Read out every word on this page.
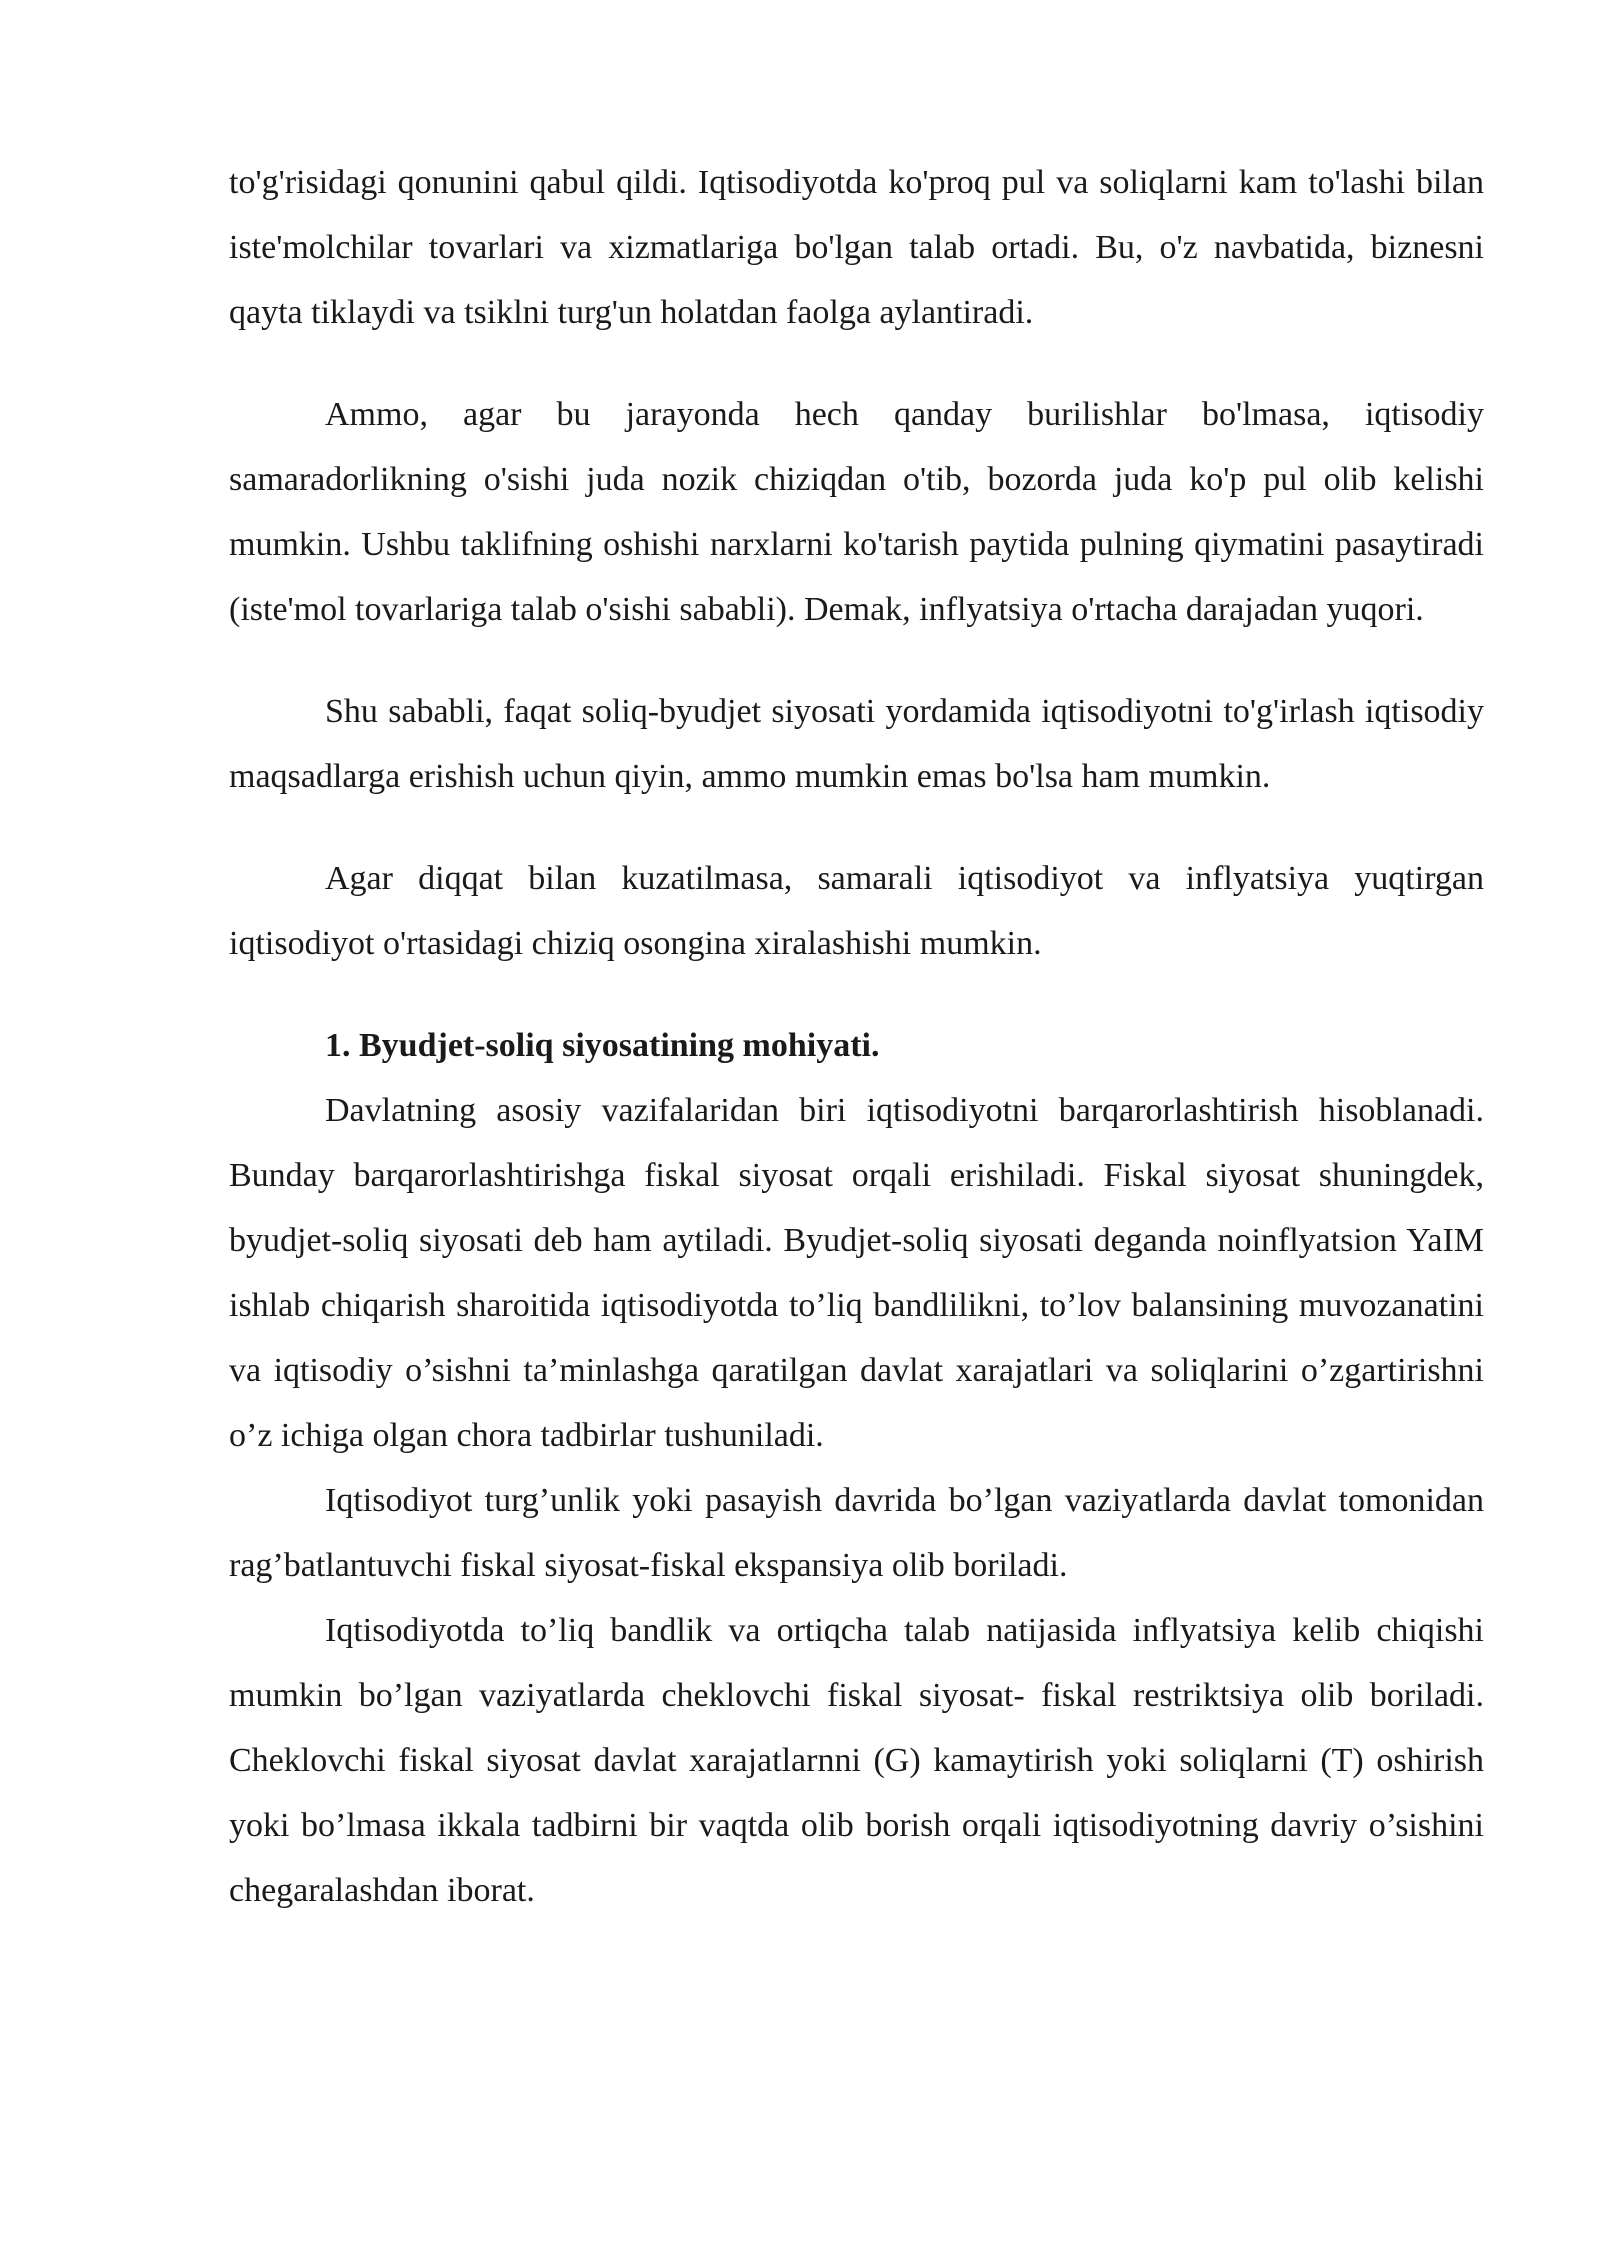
to'g'risidagi qonunini qabul qildi. Iqtisodiyotda ko'proq pul va soliqlarni kam to'lashi bilan iste'molchilar tovarlari va xizmatlariga bo'lgan talab ortadi. Bu, o'z navbatida, biznesni qayta tiklaydi va tsiklni turg'un holatdan faolga aylantiradi.

Ammo, agar bu jarayonda hech qanday burilishlar bo'lmasa, iqtisodiy samaradorlikning o'sishi juda nozik chiziqdan o'tib, bozorda juda ko'p pul olib kelishi mumkin. Ushbu taklifning oshishi narxlarni ko'tarish paytida pulning qiymatini pasaytiradi (iste'mol tovarlariga talab o'sishi sababli). Demak, inflyatsiya o'rtacha darajadan yuqori.

Shu sababli, faqat soliq-byudjet siyosati yordamida iqtisodiyotni to'g'irlash iqtisodiy maqsadlarga erishish uchun qiyin, ammo mumkin emas bo'lsa ham mumkin.

Agar diqqat bilan kuzatilmasa, samarali iqtisodiyot va inflyatsiya yuqtirgan iqtisodiyot o'rtasidagi chiziq osongina xiralashishi mumkin.

1. Byudjet-soliq siyosatining mohiyati.

Davlatning asosiy vazifalaridan biri iqtisodiyotni barqarorlashtirish hisoblanadi. Bunday barqarorlashtirishga fiskal siyosat orqali erishiladi. Fiskal siyosat shuningdek, byudjet-soliq siyosati deb ham aytiladi. Byudjet-soliq siyosati deganda noinflyatsion YaIM ishlab chiqarish sharoitida iqtisodiyotda to’liq bandlilikni, to’lov balansining muvozanatini va iqtisodiy o’sishni ta’minlashga qaratilgan davlat xarajatlari va soliqlarini o’zgartirishni o’z ichiga olgan chora tadbirlar tushuniladi.

Iqtisodiyot turg’unlik yoki pasayish davrida bo’lgan vaziyatlarda davlat tomonidan rag’batlantuvchi fiskal siyosat-fiskal ekspansiya olib boriladi.

Iqtisodiyotda to’liq bandlik va ortiqcha talab natijasida inflyatsiya kelib chiqishi mumkin bo’lgan vaziyatlarda cheklovchi fiskal siyosat- fiskal restriktsiya olib boriladi. Cheklovchi fiskal siyosat davlat xarajatlarnni (G) kamaytirish yoki soliqlarni (T) oshirish yoki bo’lmasa ikkala tadbirni bir vaqtda olib borish orqali iqtisodiyotning davriy o’sishini chegaralashdan iborat.
